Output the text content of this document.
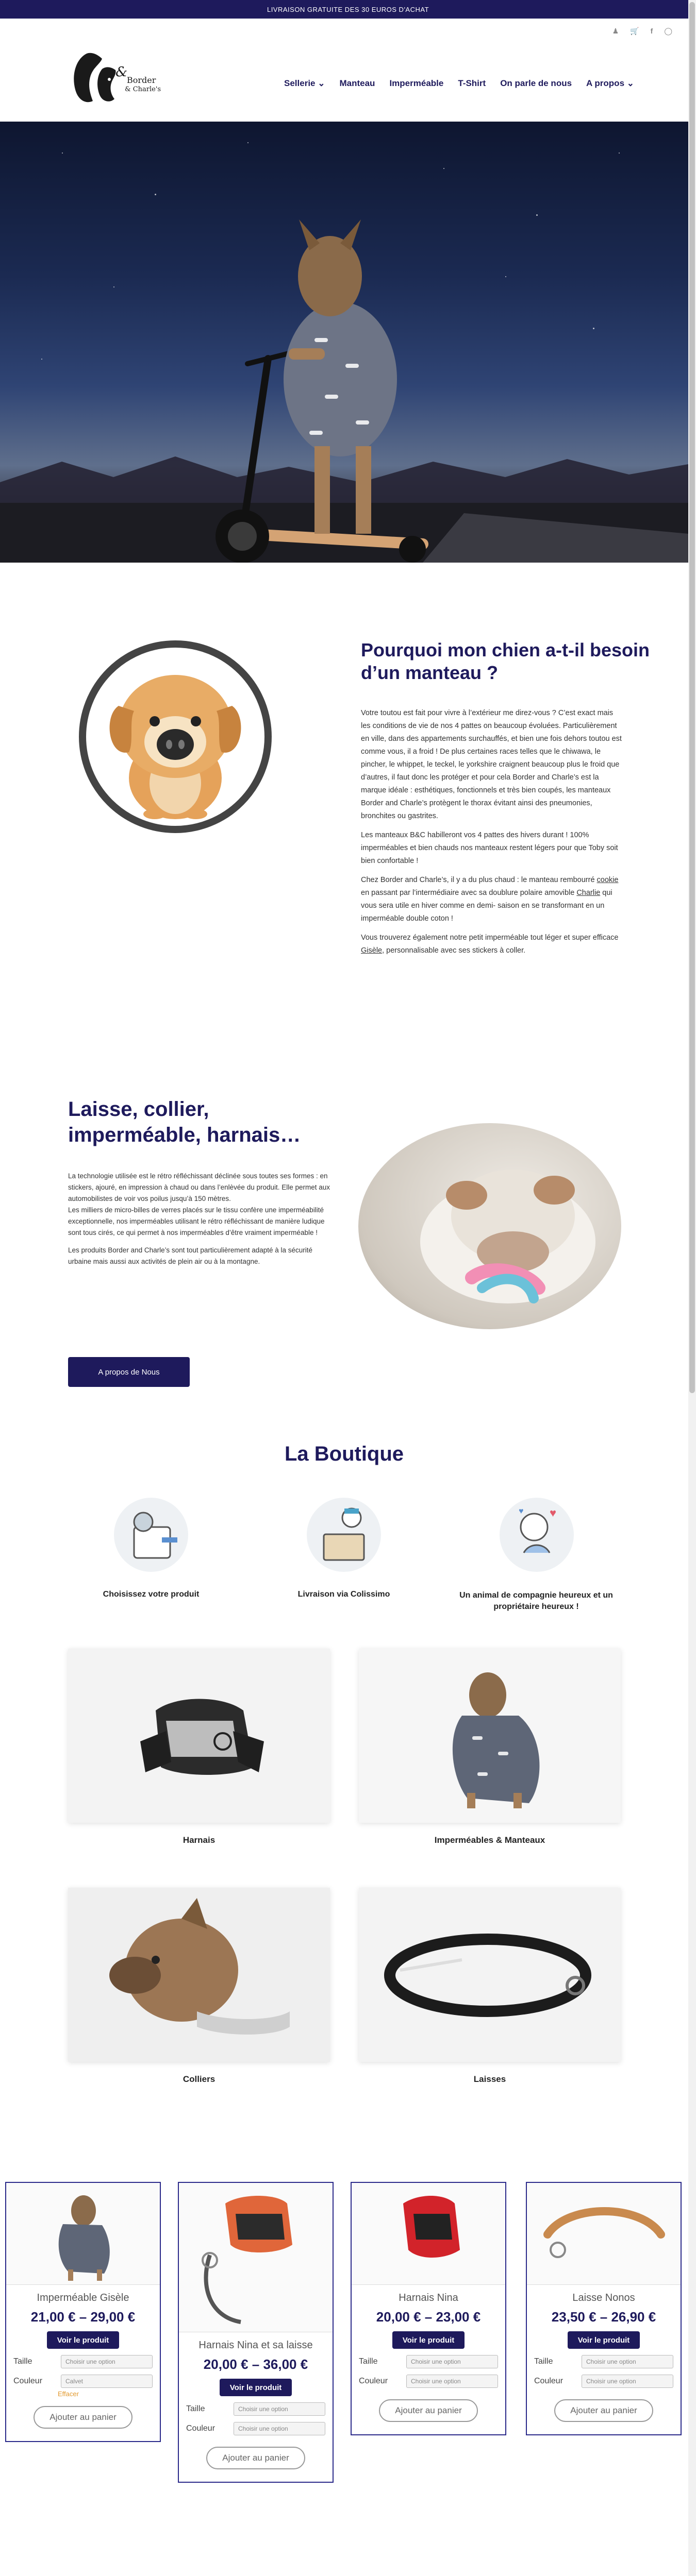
LIVRAISON GRATUITE DES 30 EUROS D'ACHAT
♟ 🛒 f ◯
&
Border
& Charle's
Sellerie ⌄ Manteau Imperméable T-Shirt On parle de nous A propos ⌄
Pourquoi mon chien a-t-il besoin d’un manteau ?

Votre toutou est fait pour vivre à l’extérieur me direz-vous ? C’est exact mais les conditions de vie de nos 4 pattes on beaucoup évoluées. Particulièrement en ville, dans des appartements surchauffés, et bien une fois dehors toutou est comme vous, il a froid ! De plus certaines races telles que le chiwawa, le pincher, le whippet, le teckel, le yorkshire craignent beaucoup plus le froid que d’autres, il faut donc les protéger et pour cela Border and Charle’s est la marque idéale : esthétiques, fonctionnels et très bien coupés, les manteaux Border and Charle’s protègent le thorax évitant ainsi des pneumonies, bronchites ou gastrites.

Les manteaux B&C habilleront vos 4 pattes des hivers durant ! 100% imperméables et bien chauds nos manteaux restent légers pour que Toby soit bien confortable !

Chez Border and Charle’s, il y a du plus chaud : le manteau rembourré cookie en passant par l’intermédiaire avec sa doublure polaire amovible Charlie qui vous sera utile en hiver comme en demi- saison en se transformant en un imperméable double coton !

Vous trouverez également notre petit imperméable tout léger et super efficace Gisèle, personnalisable avec ses stickers à coller.

Laisse, collier, imperméable, harnais…

La technologie utilisée est le rétro réfléchissant déclinée sous toutes ses formes : en stickers, ajouré, en impression à chaud ou dans l’enlèvée du produit. Elle permet aux automobilistes de voir vos poilus jusqu’à 150 mètres.

Les milliers de micro-billes de verres placés sur le tissu confère une imperméabilité exceptionnelle, nos imperméables utilisant le rétro réfléchissant de manière ludique sont tous cirés, ce qui permet à nos imperméables d’être vraiment imperméable !

Les produits Border and Charle’s sont tout particulièrement adapté à la sécurité urbaine mais aussi aux activités de plein air ou à la montagne.

A propos de Nous
La Boutique
Choisissez votre produit	Livraison via Colissimo
♥
♥
Un animal de compagnie heureux et un propriétaire heureux !
Harnais	Imperméables & Manteaux
Colliers	Laisses
Imperméable Gisèle
21,00 € – 29,00 €
Voir le produit
Taille	Choisir une option
Couleur	Calvet
Effacer
Ajouter au panier
Harnais Nina et sa laisse
20,00 € – 36,00 €
Voir le produit
Taille	Choisir une option
Couleur	Choisir une option
Ajouter au panier
Harnais Nina
20,00 € – 23,00 €
Voir le produit
Taille	Choisir une option
Couleur	Choisir une option
Ajouter au panier
Laisse Nonos
23,50 € – 26,90 €
Voir le produit
Taille	Choisir une option
Couleur	Choisir une option
Ajouter au panier
